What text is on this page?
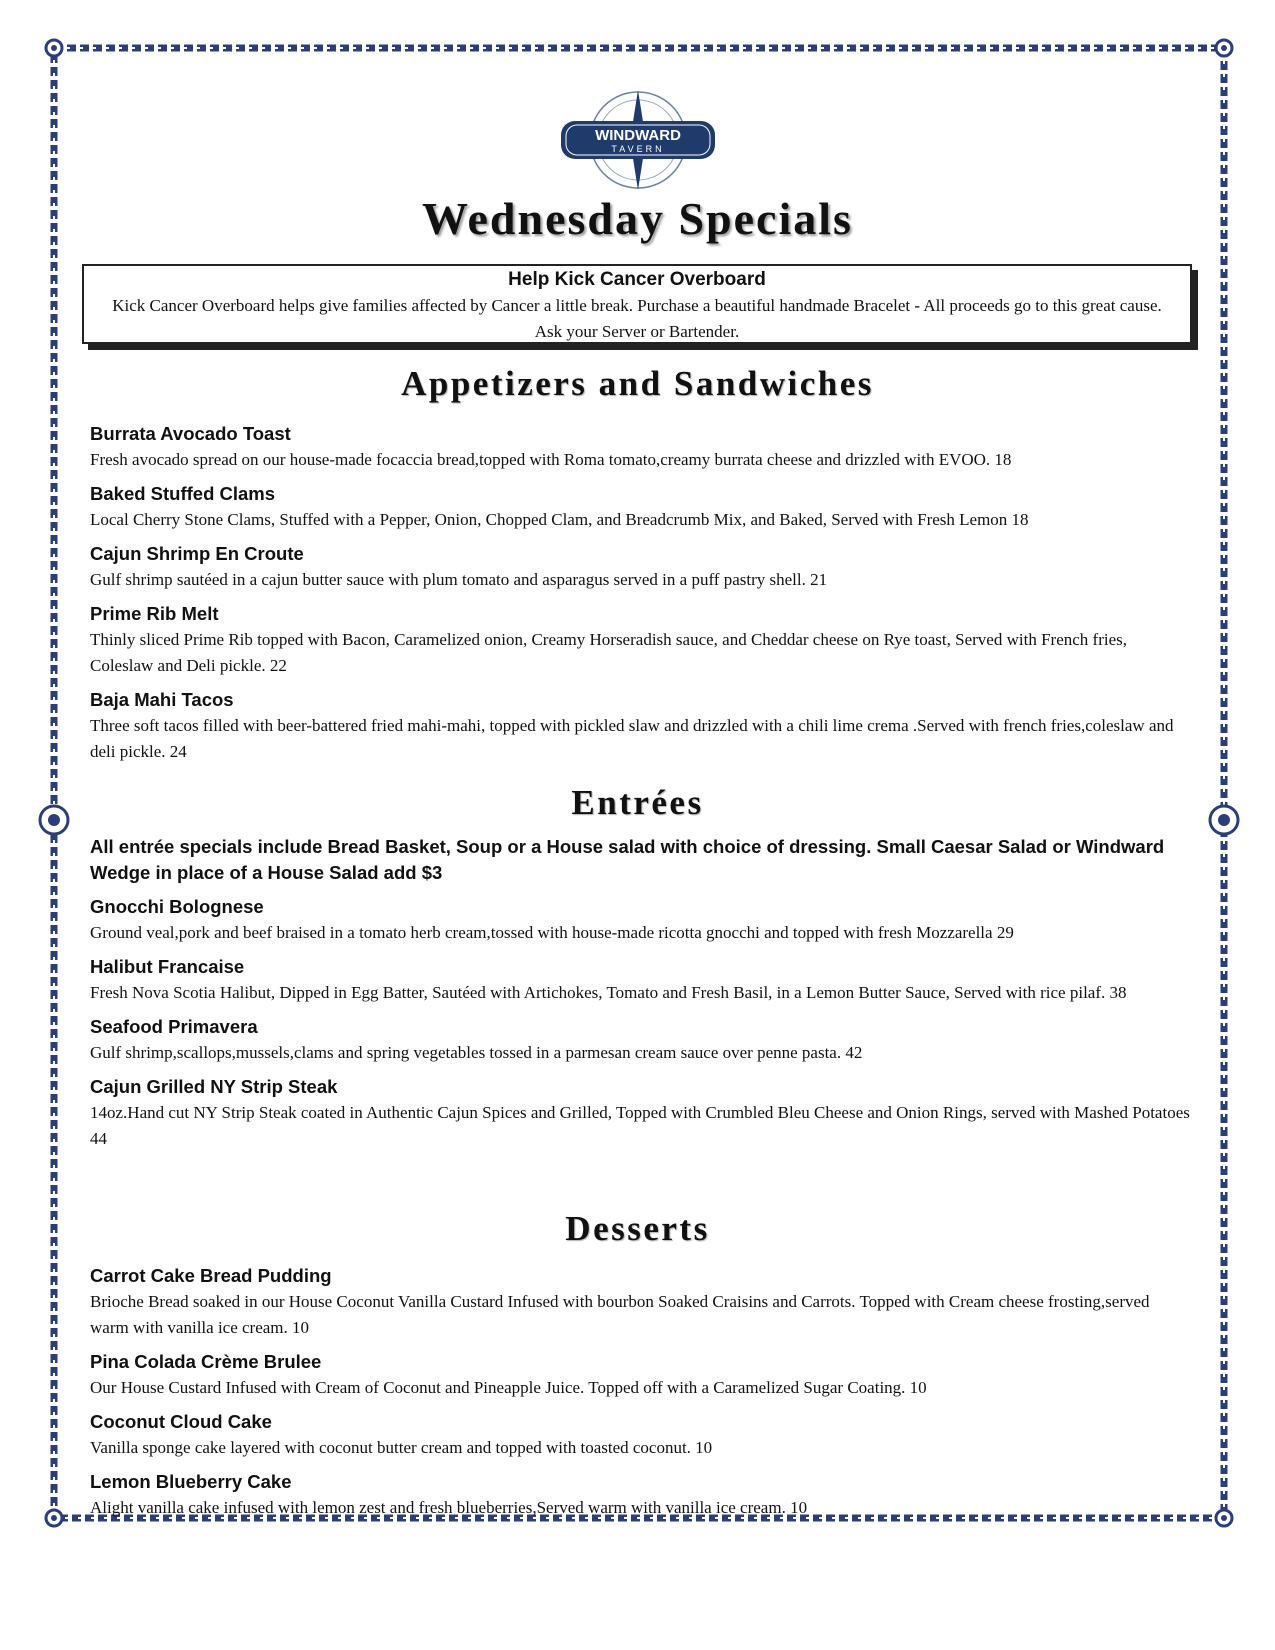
WINDWARD
TAVERN
Wednesday Specials

Help Kick Cancer Overboard

Kick Cancer Overboard helps give families affected by Cancer a little break. Purchase a beautiful handmade Bracelet - All proceeds go to this great cause. Ask your Server or Bartender.

Appetizers and Sandwiches

Burrata Avocado Toast

Fresh avocado spread on our house-made focaccia bread,topped with Roma tomato,creamy burrata cheese and drizzled with EVOO. 18

Baked Stuffed Clams

Local Cherry Stone Clams, Stuffed with a Pepper, Onion, Chopped Clam, and Breadcrumb Mix, and Baked, Served with Fresh Lemon 18

Cajun Shrimp En Croute

Gulf shrimp sautéed in a cajun butter sauce with plum tomato and asparagus served in a puff pastry shell. 21

Prime Rib Melt

Thinly sliced Prime Rib topped with Bacon, Caramelized onion, Creamy Horseradish sauce, and Cheddar cheese on Rye toast, Served with French fries, Coleslaw and Deli pickle. 22

Baja Mahi Tacos

Three soft tacos filled with beer-battered fried mahi-mahi, topped with pickled slaw and drizzled with a chili lime crema .Served with french fries,coleslaw and deli pickle. 24

Entrées

All entrée specials include Bread Basket, Soup or a House salad with choice of dressing. Small Caesar Salad or Windward Wedge in place of a House Salad add $3

Gnocchi Bolognese

Ground veal,pork and beef braised in a tomato herb cream,tossed with house-made ricotta gnocchi and topped with fresh Mozzarella 29

Halibut Francaise

Fresh Nova Scotia Halibut, Dipped in Egg Batter, Sautéed with Artichokes, Tomato and Fresh Basil, in a Lemon Butter Sauce, Served with rice pilaf. 38

Seafood Primavera

Gulf shrimp,scallops,mussels,clams and spring vegetables tossed in a parmesan cream sauce over penne pasta. 42

Cajun Grilled NY Strip Steak

14oz.Hand cut NY Strip Steak coated in Authentic Cajun Spices and Grilled, Topped with Crumbled Bleu Cheese and Onion Rings, served with Mashed Potatoes 44

Desserts

Carrot Cake Bread Pudding

Brioche Bread soaked in our House Coconut Vanilla Custard Infused with bourbon Soaked Craisins and Carrots. Topped with Cream cheese frosting,served warm with vanilla ice cream. 10

Pina Colada Crème Brulee

Our House Custard Infused with Cream of Coconut and Pineapple Juice. Topped off with a Caramelized Sugar Coating. 10

Coconut Cloud Cake

Vanilla sponge cake layered with coconut butter cream and topped with toasted coconut. 10

Lemon Blueberry Cake

Alight vanilla cake infused with lemon zest and fresh blueberries,Served warm with vanilla ice cream. 10
